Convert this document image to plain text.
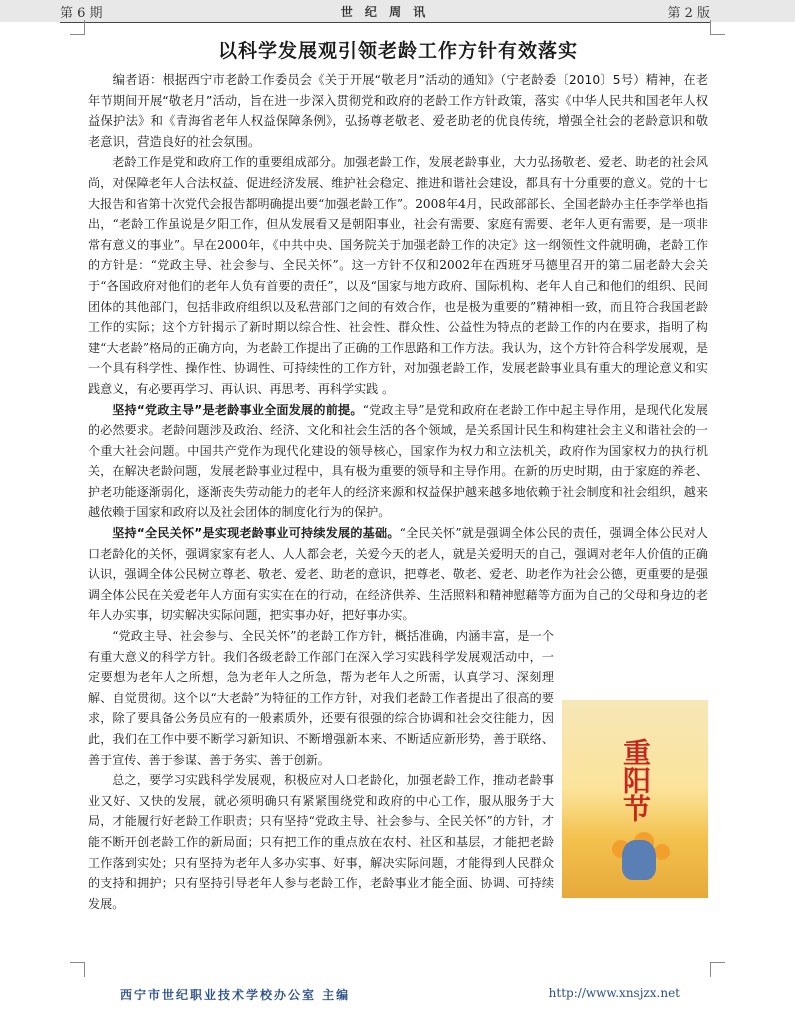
第 6 期	世 纪 周 讯	第 2 版
以科学发展观引领老龄工作方针有效落实

编者语：根据西宁市老龄工作委员会《关于开展“敬老月”活动的通知》（宁老龄委〔2010〕5号）精神，在老年节期间开展“敬老月”活动，旨在进一步深入贯彻党和政府的老龄工作方针政策，落实《中华人民共和国老年人权益保护法》和《青海省老年人权益保障条例》，弘扬尊老敬老、爱老助老的优良传统，增强全社会的老龄意识和敬老意识，营造良好的社会氛围。

老龄工作是党和政府工作的重要组成部分。加强老龄工作，发展老龄事业，大力弘扬敬老、爱老、助老的社会风尚，对保障老年人合法权益、促进经济发展、维护社会稳定、推进和谐社会建设，都具有十分重要的意义。党的十七大报告和省第十次党代会报告都明确提出要“加强老龄工作”。2008年4月，民政部部长、全国老龄办主任李学举也指出，“老龄工作虽说是夕阳工作，但从发展看又是朝阳事业，社会有需要、家庭有需要、老年人更有需要，是一项非常有意义的事业”。早在2000年，《中共中央、国务院关于加强老龄工作的决定》这一纲领性文件就明确，老龄工作的方针是：“党政主导、社会参与、全民关怀”。这一方针不仅和2002年在西班牙马德里召开的第二届老龄大会关于“各国政府对他们的老年人负有首要的责任”，以及“国家与地方政府、国际机构、老年人自己和他们的组织、民间团体的其他部门，包括非政府组织以及私营部门之间的有效合作，也是极为重要的”精神相一致，而且符合我国老龄工作的实际；这个方针揭示了新时期以综合性、社会性、群众性、公益性为特点的老龄工作的内在要求，指明了构建“大老龄”格局的正确方向，为老龄工作提出了正确的工作思路和工作方法。我认为，这个方针符合科学发展观，是一个具有科学性、操作性、协调性、可持续性的工作方针，对加强老龄工作，发展老龄事业具有重大的理论意义和实践意义，有必要再学习、再认识、再思考、再科学实践 。

坚持“党政主导”是老龄事业全面发展的前提。“党政主导”是党和政府在老龄工作中起主导作用，是现代化发展的必然要求。老龄问题涉及政治、经济、文化和社会生活的各个领域，是关系国计民生和构建社会主义和谐社会的一个重大社会问题。中国共产党作为现代化建设的领导核心，国家作为权力和立法机关，政府作为国家权力的执行机关，在解决老龄问题，发展老龄事业过程中，具有极为重要的领导和主导作用。在新的历史时期，由于家庭的养老、护老功能逐渐弱化，逐渐丧失劳动能力的老年人的经济来源和权益保护越来越多地依赖于社会制度和社会组织，越来越依赖于国家和政府以及社会团体的制度化行为的保护。

坚持“全民关怀”是实现老龄事业可持续发展的基础。“全民关怀”就是强调全体公民的责任，强调全体公民对人口老龄化的关怀，强调家家有老人、人人都会老，关爱今天的老人，就是关爱明天的自己，强调对老年人价值的正确认识，强调全体公民树立尊老、敬老、爱老、助老的意识，把尊老、敬老、爱老、助老作为社会公德，更重要的是强调全体公民在关爱老年人方面有实实在在的行动，在经济供养、生活照料和精神慰藉等方面为自己的父母和身边的老年人办实事，切实解决实际问题，把实事办好，把好事办实。

重阳节

“党政主导、社会参与、全民关怀”的老龄工作方针，概括准确，内涵丰富，是一个有重大意义的科学方针。我们各级老龄工作部门在深入学习实践科学发展观活动中，一定要想为老年人之所想，急为老年人之所急，帮为老年人之所需，认真学习、深刻理解、自觉贯彻。这个以“大老龄”为特征的工作方针，对我们老龄工作者提出了很高的要求，除了要具备公务员应有的一般素质外，还要有很强的综合协调和社会交往能力，因此，我们在工作中要不断学习新知识、不断增强新本来、不断适应新形势，善于联络、善于宣传、善于参谋、善于务实、善于创新。

总之，要学习实践科学发展观，积极应对人口老龄化，加强老龄工作，推动老龄事业又好、又快的发展，就必须明确只有紧紧围绕党和政府的中心工作，服从服务于大局，才能履行好老龄工作职责；只有坚持“党政主导、社会参与、全民关怀”的方针，才能不断开创老龄工作的新局面；只有把工作的重点放在农村、社区和基层，才能把老龄工作落到实处；只有坚持为老年人多办实事、好事，解决实际问题，才能得到人民群众的支持和拥护；只有坚持引导老年人参与老龄工作，老龄事业才能全面、协调、可持续发展。

西宁市世纪职业技术学校办公室 主编	http://www.xnsjzx.net
